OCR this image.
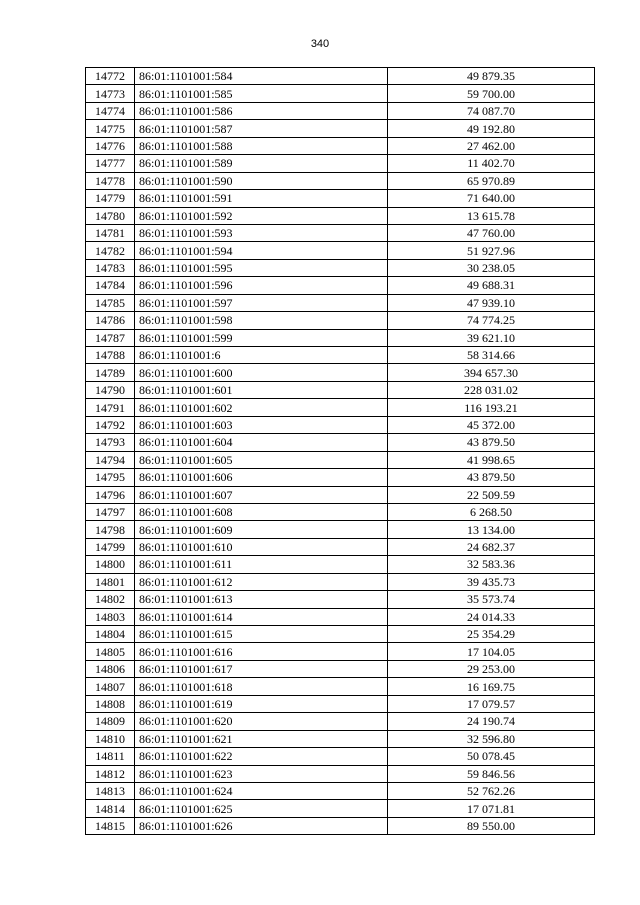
340
14772	86:01:1101001:584	49 879.35
14773	86:01:1101001:585	59 700.00
14774	86:01:1101001:586	74 087.70
14775	86:01:1101001:587	49 192.80
14776	86:01:1101001:588	27 462.00
14777	86:01:1101001:589	11 402.70
14778	86:01:1101001:590	65 970.89
14779	86:01:1101001:591	71 640.00
14780	86:01:1101001:592	13 615.78
14781	86:01:1101001:593	47 760.00
14782	86:01:1101001:594	51 927.96
14783	86:01:1101001:595	30 238.05
14784	86:01:1101001:596	49 688.31
14785	86:01:1101001:597	47 939.10
14786	86:01:1101001:598	74 774.25
14787	86:01:1101001:599	39 621.10
14788	86:01:1101001:6	58 314.66
14789	86:01:1101001:600	394 657.30
14790	86:01:1101001:601	228 031.02
14791	86:01:1101001:602	116 193.21
14792	86:01:1101001:603	45 372.00
14793	86:01:1101001:604	43 879.50
14794	86:01:1101001:605	41 998.65
14795	86:01:1101001:606	43 879.50
14796	86:01:1101001:607	22 509.59
14797	86:01:1101001:608	6 268.50
14798	86:01:1101001:609	13 134.00
14799	86:01:1101001:610	24 682.37
14800	86:01:1101001:611	32 583.36
14801	86:01:1101001:612	39 435.73
14802	86:01:1101001:613	35 573.74
14803	86:01:1101001:614	24 014.33
14804	86:01:1101001:615	25 354.29
14805	86:01:1101001:616	17 104.05
14806	86:01:1101001:617	29 253.00
14807	86:01:1101001:618	16 169.75
14808	86:01:1101001:619	17 079.57
14809	86:01:1101001:620	24 190.74
14810	86:01:1101001:621	32 596.80
14811	86:01:1101001:622	50 078.45
14812	86:01:1101001:623	59 846.56
14813	86:01:1101001:624	52 762.26
14814	86:01:1101001:625	17 071.81
14815	86:01:1101001:626	89 550.00
